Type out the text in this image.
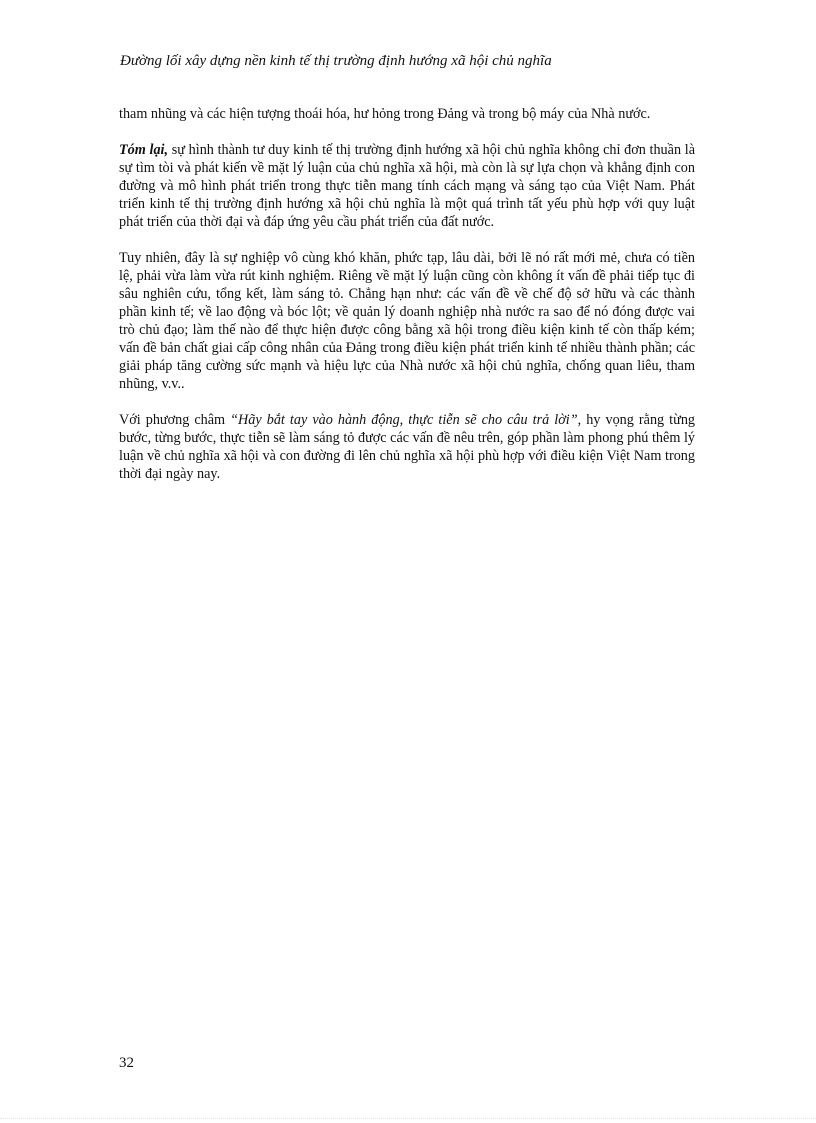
Đường lối xây dựng nền kinh tế thị trường định hướng xã hội chủ nghĩa

tham nhũng và các hiện tượng thoái hóa, hư hỏng trong Đảng và trong bộ máy của Nhà nước.

Tóm lại, sự hình thành tư duy kinh tế thị trường định hướng xã hội chủ nghĩa không chỉ đơn thuần là sự tìm tòi và phát kiến về mặt lý luận của chủ nghĩa xã hội, mà còn là sự lựa chọn và khẳng định con đường và mô hình phát triển trong thực tiễn mang tính cách mạng và sáng tạo của Việt Nam. Phát triển kinh tế thị trường định hướng xã hội chủ nghĩa là một quá trình tất yếu phù hợp với quy luật phát triển của thời đại và đáp ứng yêu cầu phát triển của đất nước.

Tuy nhiên, đây là sự nghiệp vô cùng khó khăn, phức tạp, lâu dài, bởi lẽ nó rất mới mẻ, chưa có tiền lệ, phải vừa làm vừa rút kinh nghiệm. Riêng về mặt lý luận cũng còn không ít vấn đề phải tiếp tục đi sâu nghiên cứu, tổng kết, làm sáng tỏ. Chẳng hạn như: các vấn đề về chế độ sở hữu và các thành phần kinh tế; về lao động và bóc lột; về quản lý doanh nghiệp nhà nước ra sao để nó đóng được vai trò chủ đạo; làm thế nào để thực hiện được công bằng xã hội trong điều kiện kinh tế còn thấp kém; vấn đề bản chất giai cấp công nhân của Đảng trong điều kiện phát triển kinh tế nhiều thành phần; các giải pháp tăng cường sức mạnh và hiệu lực của Nhà nước xã hội chủ nghĩa, chống quan liêu, tham nhũng, v.v..

Với phương châm “Hãy bắt tay vào hành động, thực tiễn sẽ cho câu trả lời”, hy vọng rằng từng bước, từng bước, thực tiễn sẽ làm sáng tỏ được các vấn đề nêu trên, góp phần làm phong phú thêm lý luận về chủ nghĩa xã hội và con đường đi lên chủ nghĩa xã hội phù hợp với điều kiện Việt Nam trong thời đại ngày nay.

32
